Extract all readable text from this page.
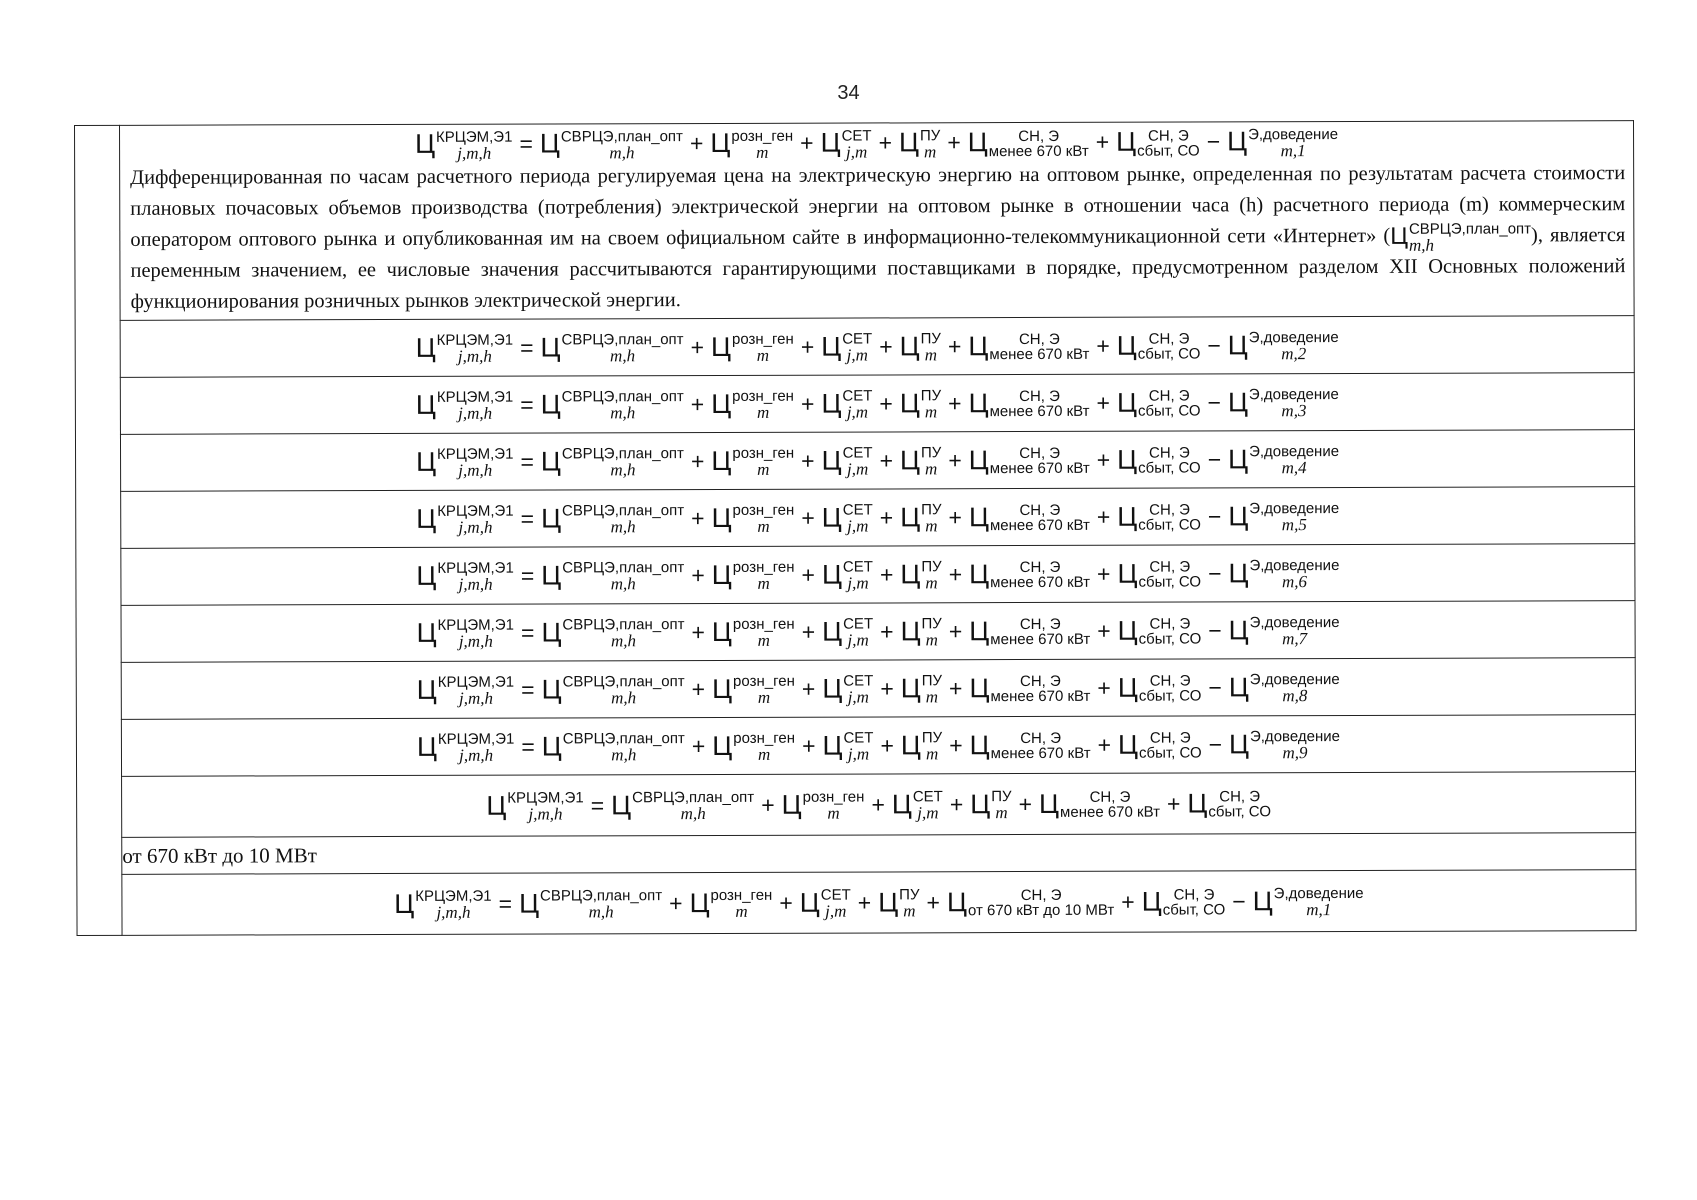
34

Ц КРЦЭМ,Э1
j,m,h	= Ц СВРЦЭ,план_опт
m,h	+ Ц розн_ген
m	+ Ц СЕТ
j,m + Ц ПУ
m + Ц	СН, Э
менее 670 кВт + Ц СН, Э
сбыт, СО − Ц Э,доведение
m,1
Дифференцированная по часам расчетного периода регулируемая цена на электрическую энергию на оптовом рынке, определенная по результатам расчета стоимости плановых почасовых объемов производства (потребления) электрической энергии на оптовом рынке в отношении часа (h) расчетного периода (m) коммерческим оператором оптового рынка и опубликованная им на своем официальном сайте в информационно-телекоммуникационной сети «Интернет» ( Ц СВРЦЭ,план_опт
m,h	), является переменным значением, ее числовые значения рассчитываются гарантирующими поставщиками в порядке, предусмотренном разделом XII Основных положений функционирования розничных рынков электрической энергии.

Ц КРЦЭМ,Э1
j,m,h	= Ц СВРЦЭ,план_опт
m,h	+ Ц розн_ген
m	+ Ц СЕТ
j,m + Ц ПУ
m + Ц	СН, Э
менее 670 кВт + Ц СН, Э
сбыт, СО − Ц Э,доведение
m,2

Ц КРЦЭМ,Э1
j,m,h	= Ц СВРЦЭ,план_опт
m,h	+ Ц розн_ген
m	+ Ц СЕТ
j,m + Ц ПУ
m + Ц	СН, Э
менее 670 кВт + Ц СН, Э
сбыт, СО − Ц Э,доведение
m,3

Ц КРЦЭМ,Э1
j,m,h	= Ц СВРЦЭ,план_опт
m,h	+ Ц розн_ген
m	+ Ц СЕТ
j,m + Ц ПУ
m + Ц	СН, Э
менее 670 кВт + Ц СН, Э
сбыт, СО − Ц Э,доведение
m,4

Ц КРЦЭМ,Э1
j,m,h	= Ц СВРЦЭ,план_опт
m,h	+ Ц розн_ген
m	+ Ц СЕТ
j,m + Ц ПУ
m + Ц	СН, Э
менее 670 кВт + Ц СН, Э
сбыт, СО − Ц Э,доведение
m,5

Ц КРЦЭМ,Э1
j,m,h	= Ц СВРЦЭ,план_опт
m,h	+ Ц розн_ген
m	+ Ц СЕТ
j,m + Ц ПУ
m + Ц	СН, Э
менее 670 кВт + Ц СН, Э
сбыт, СО − Ц Э,доведение
m,6

Ц КРЦЭМ,Э1
j,m,h	= Ц СВРЦЭ,план_опт
m,h	+ Ц розн_ген
m	+ Ц СЕТ
j,m + Ц ПУ
m + Ц	СН, Э
менее 670 кВт + Ц СН, Э
сбыт, СО − Ц Э,доведение
m,7

Ц КРЦЭМ,Э1
j,m,h	= Ц СВРЦЭ,план_опт
m,h	+ Ц розн_ген
m	+ Ц СЕТ
j,m + Ц ПУ
m + Ц	СН, Э
менее 670 кВт + Ц СН, Э
сбыт, СО − Ц Э,доведение
m,8

Ц КРЦЭМ,Э1
j,m,h	= Ц СВРЦЭ,план_опт
m,h	+ Ц розн_ген
m	+ Ц СЕТ
j,m + Ц ПУ
m + Ц	СН, Э
менее 670 кВт + Ц СН, Э
сбыт, СО − Ц Э,доведение
m,9

Ц КРЦЭМ,Э1
j,m,h	= Ц СВРЦЭ,план_опт
m,h	+ Ц розн_ген
m	+ Ц СЕТ
j,m + Ц ПУ
m + Ц	СН, Э
менее 670 кВт + Ц СН, Э
сбыт, СО

от 670 кВт до 10 МВт

Ц КРЦЭМ,Э1
j,m,h	= Ц СВРЦЭ,план_опт
m,h	+ Ц розн_ген
m	+ Ц СЕТ
j,m + Ц ПУ
m + Ц	СН, Э
от 670 кВт до 10 МВт + Ц СН, Э
сбыт, СО − Ц Э,доведение
m,1
